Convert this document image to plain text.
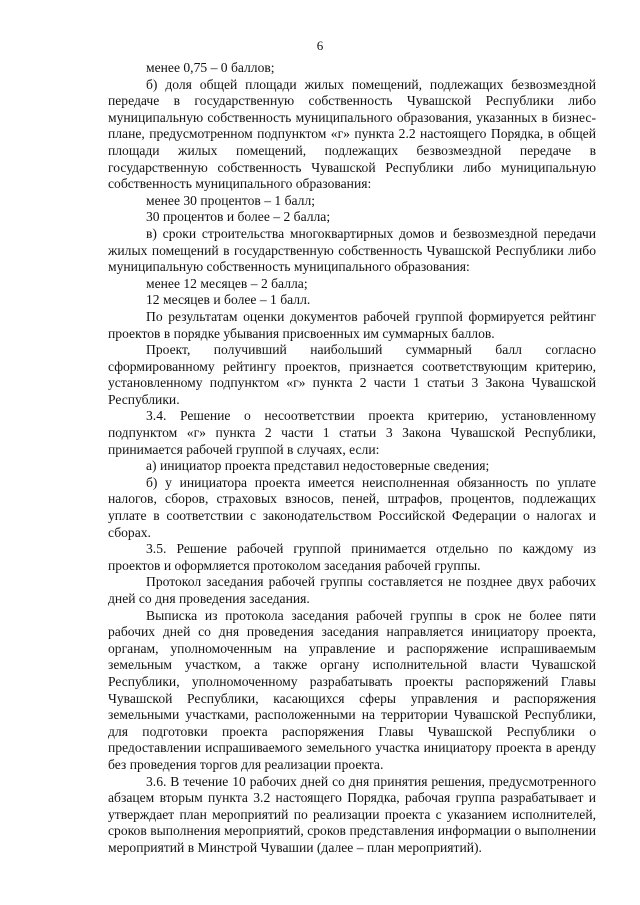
6

менее 0,75 – 0 баллов;

б) доля общей площади жилых помещений, подлежащих безвозмездной передаче в государственную собственность Чувашской Республики либо муниципальную собственность муниципального образования, указанных в бизнес-плане, предусмотренном подпунктом «г» пункта 2.2 настоящего Порядка, в общей площади жилых помещений, подлежащих безвозмездной передаче в государственную собственность Чувашской Республики либо муниципальную собственность муниципального образования:

менее 30 процентов – 1 балл;

30 процентов и более – 2 балла;

в) сроки строительства многоквартирных домов и безвозмездной передачи жилых помещений в государственную собственность Чувашской Республики либо муниципальную собственность муниципального образования:

менее 12 месяцев – 2 балла;

12 месяцев и более – 1 балл.

По результатам оценки документов рабочей группой формируется рейтинг проектов в порядке убывания присвоенных им суммарных баллов.

Проект, получивший наибольший суммарный балл согласно сформированному рейтингу проектов, признается соответствующим критерию, установленному подпунктом «г» пункта 2 части 1 статьи 3 Закона Чувашской Республики.

3.4. Решение о несоответствии проекта критерию, установленному подпунктом «г» пункта 2 части 1 статьи 3 Закона Чувашской Республики, принимается рабочей группой в случаях, если:

а) инициатор проекта представил недостоверные сведения;

б) у инициатора проекта имеется неисполненная обязанность по уплате налогов, сборов, страховых взносов, пеней, штрафов, процентов, подлежащих уплате в соответствии с законодательством Российской Федерации о налогах и сборах.

3.5. Решение рабочей группой принимается отдельно по каждому из проектов и оформляется протоколом заседания рабочей группы.

Протокол заседания рабочей группы составляется не позднее двух рабочих дней со дня проведения заседания.

Выписка из протокола заседания рабочей группы в срок не более пяти рабочих дней со дня проведения заседания направляется инициатору проекта, органам, уполномоченным на управление и распоряжение испрашиваемым земельным участком, а также органу исполнительной власти Чувашской Республики, уполномоченному разрабатывать проекты распоряжений Главы Чувашской Республики, касающихся сферы управления и распоряжения земельными участками, расположенными на территории Чувашской Республики, для подготовки проекта распоряжения Главы Чувашской Республики о предоставлении испрашиваемого земельного участка инициатору проекта в аренду без проведения торгов для реализации проекта.

3.6. В течение 10 рабочих дней со дня принятия решения, предусмотренного абзацем вторым пункта 3.2 настоящего Порядка, рабочая группа разрабатывает и утверждает план мероприятий по реализации проекта с указанием исполнителей, сроков выполнения мероприятий, сроков представления информации о выполнении мероприятий в Минстрой Чувашии (далее – план мероприятий).
